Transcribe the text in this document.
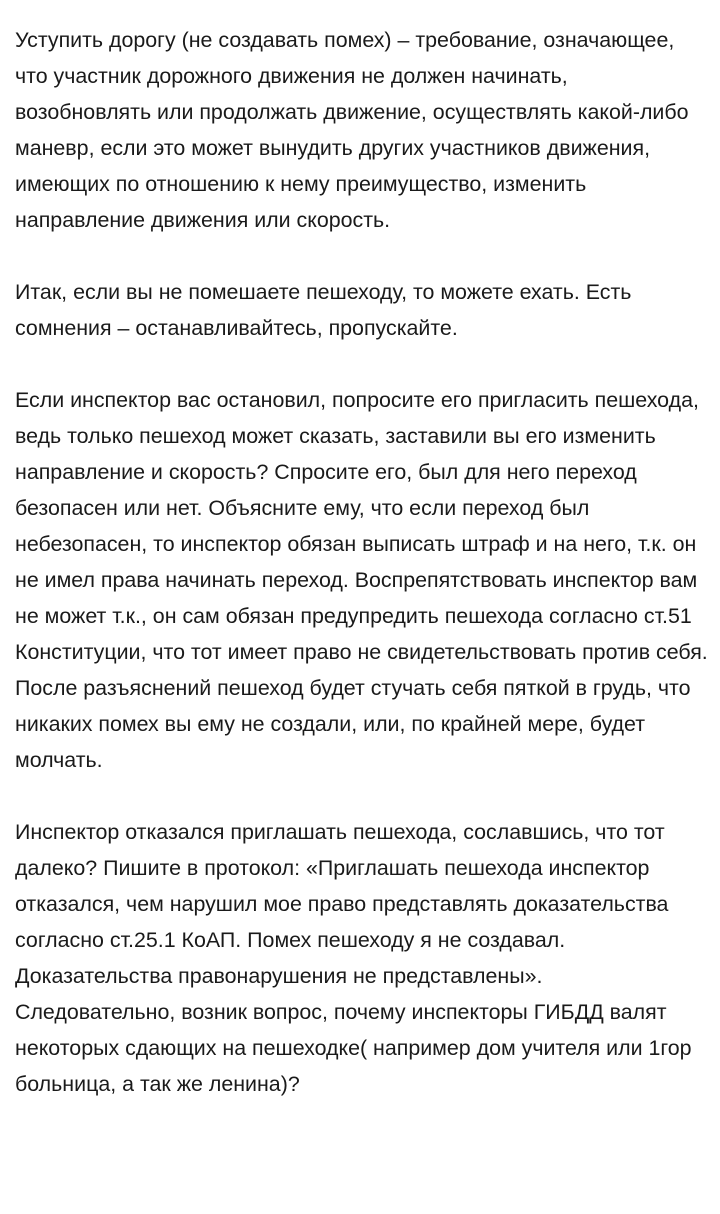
Уступить дорогу (не создавать помех) – требование, означающее, что участник дорожного движения не должен начинать, возобновлять или продолжать движение, осуществлять какой-либо маневр, если это может вынудить других участников движения, имеющих по отношению к нему преимущество, изменить направление движения или скорость.

Итак, если вы не помешаете пешеходу, то можете ехать. Есть сомнения – останавливайтесь, пропускайте.

Если инспектор вас остановил, попросите его пригласить пешехода, ведь только пешеход может сказать, заставили вы его изменить направление и скорость? Спросите его, был для него переход безопасен или нет. Объясните ему, что если переход был небезопасен, то инспектор обязан выписать штраф и на него, т.к. он не имел права начинать переход. Воспрепятствовать инспектор вам не может т.к., он сам обязан предупредить пешехода согласно ст.51 Конституции, что тот имеет право не свидетельствовать против себя. После разъяснений пешеход будет стучать себя пяткой в грудь, что никаких помех вы ему не создали, или, по крайней мере, будет молчать.

Инспектор отказался приглашать пешехода, сославшись, что тот далеко? Пишите в протокол: «Приглашать пешехода инспектор отказался, чем нарушил мое право представлять доказательства согласно ст.25.1 КоАП. Помех пешеходу я не создавал. Доказательства правонарушения не представлены». Следовательно, возник вопрос, почему инспекторы ГИБДД валят некоторых сдающих на пешеходке( например дом учителя или 1гор больница, а так же ленина)?
